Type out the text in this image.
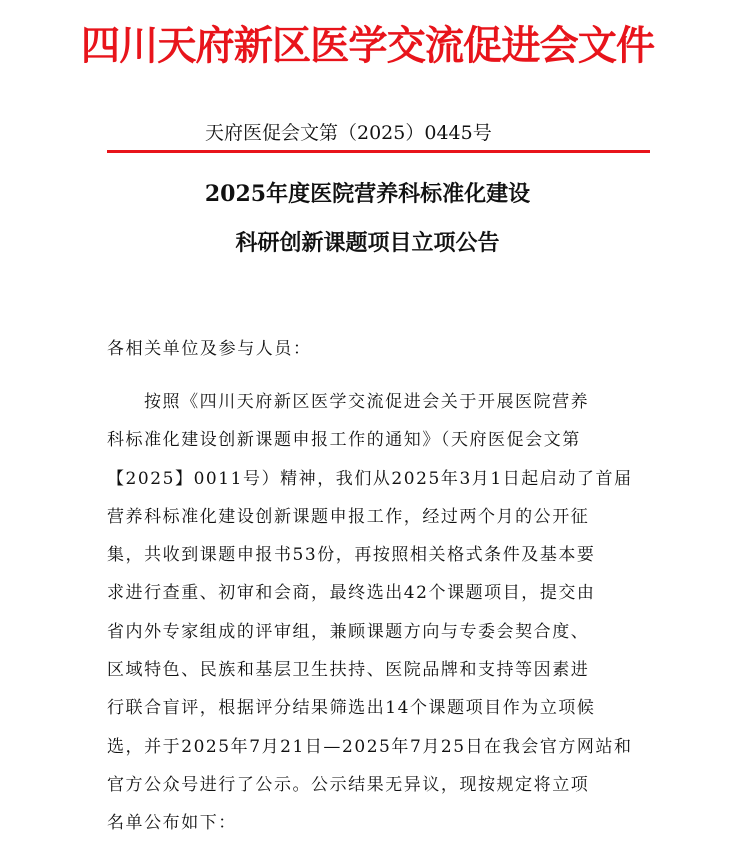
四川天府新区医学交流促进会文件
天府医促会文第（2025）0445号
2025年度医院营养科标准化建设
科研创新课题项目立项公告
各相关单位及参与人员：
按照《四川天府新区医学交流促进会关于开展医院营养
科标准化建设创新课题申报工作的通知》（天府医促会文第
【2025】0011号）精神，我们从2025年3月1日起启动了首届
营养科标准化建设创新课题申报工作，经过两个月的公开征
集，共收到课题申报书53份，再按照相关格式条件及基本要
求进行查重、初审和会商，最终选出42个课题项目，提交由
省内外专家组成的评审组，兼顾课题方向与专委会契合度、
区域特色、民族和基层卫生扶持、医院品牌和支持等因素进
行联合盲评，根据评分结果筛选出14个课题项目作为立项候
选，并于2025年7月21日—2025年7月25日在我会官方网站和
官方公众号进行了公示。公示结果无异议，现按规定将立项
名单公布如下：
